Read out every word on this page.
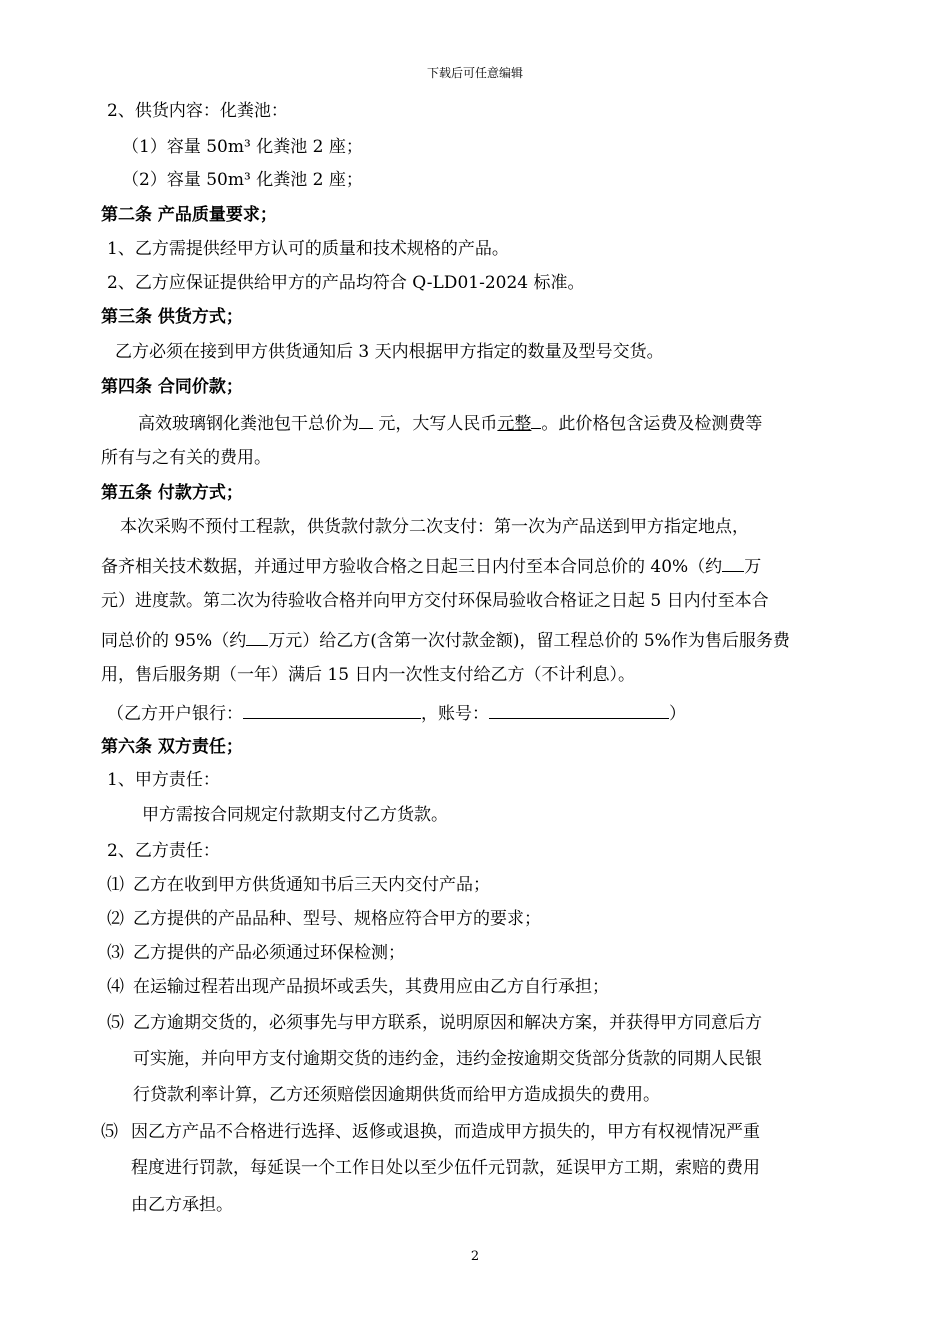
下载后可任意编辑
2、供货内容：化粪池：
（1）容量 50m³ 化粪池 2 座；
（2）容量 50m³ 化粪池 2 座；
第二条 产品质量要求；
1、乙方需提供经甲方认可的质量和技术规格的产品。
2、乙方应保证提供给甲方的产品均符合 Q-LD01-2024 标准。
第三条 供货方式；
乙方必须在接到甲方供货通知后 3 天内根据甲方指定的数量及型号交货。
第四条 合同价款；
高效玻璃钢化粪池包干总价为 元，大写人民币元整 。此价格包含运费及检测费等
所有与之有关的费用。
第五条 付款方式；
本次采购不预付工程款，供货款付款分二次支付：第一次为产品送到甲方指定地点，
备齐相关技术数据，并通过甲方验收合格之日起三日内付至本合同总价的 40%（约 万
元）进度款。第二次为待验收合格并向甲方交付环保局验收合格证之日起 5 日内付至本合
同总价的 95%（约 万元）给乙方(含第一次付款金额)，留工程总价的 5%作为售后服务费
用，售后服务期（一年）满后 15 日内一次性支付给乙方（不计利息）。
（乙方开户银行：	，账号：	）
第六条 双方责任；
1、甲方责任：
甲方需按合同规定付款期支付乙方货款。
2、乙方责任：
⑴ 乙方在收到甲方供货通知书后三天内交付产品；
⑵ 乙方提供的产品品种、型号、规格应符合甲方的要求；
⑶ 乙方提供的产品必须通过环保检测；
⑷ 在运输过程若出现产品损坏或丢失，其费用应由乙方自行承担；
⑸ 乙方逾期交货的，必须事先与甲方联系，说明原因和解决方案，并获得甲方同意后方
可实施，并向甲方支付逾期交货的违约金，违约金按逾期交货部分货款的同期人民银
行贷款利率计算，乙方还须赔偿因逾期供货而给甲方造成损失的费用。
⑸ 因乙方产品不合格进行选择、返修或退换，而造成甲方损失的，甲方有权视情况严重
程度进行罚款，每延误一个工作日处以至少伍仟元罚款，延误甲方工期，索赔的费用
由乙方承担。
2
